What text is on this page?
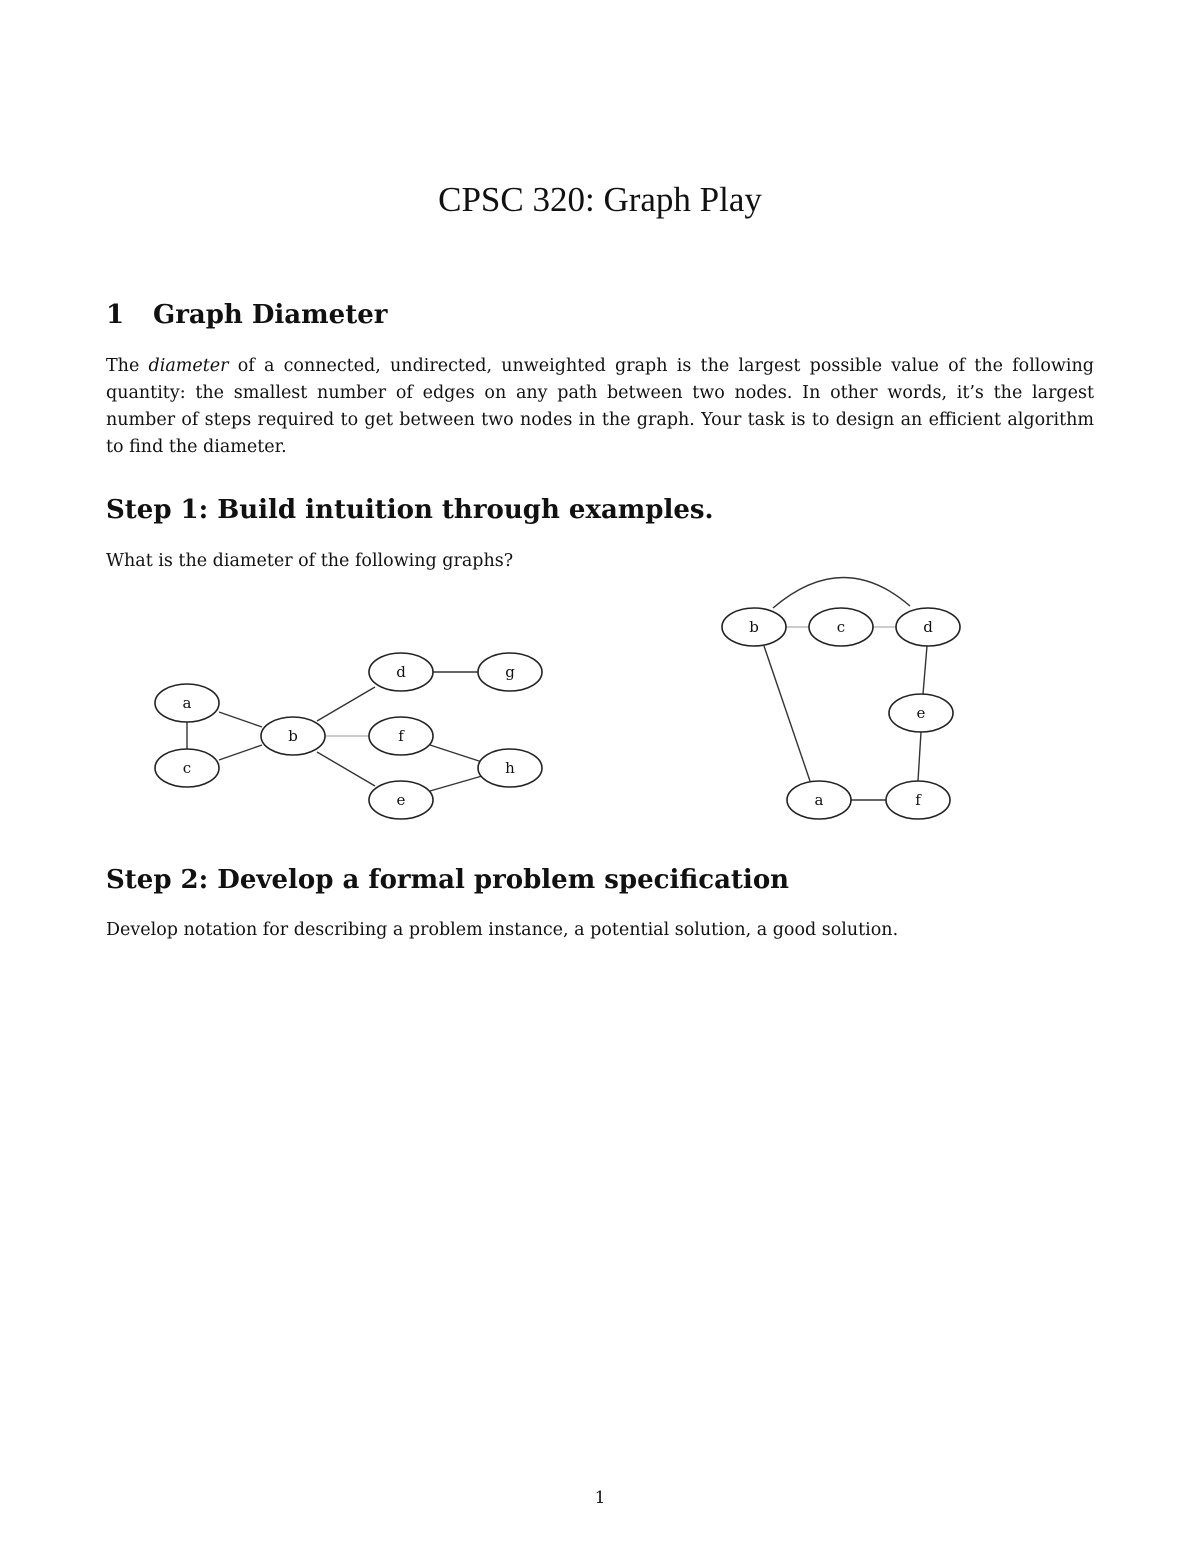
CPSC 320: Graph Play
1 Graph Diameter

The diameter of a connected, undirected, unweighted graph is the largest possible value of the following quantity: the smallest number of edges on any path between two nodes. In other words, it’s the largest number of steps required to get between two nodes in the graph. Your task is to design an efficient algorithm to find the diameter.

Step 1: Build intuition through examples.

What is the diameter of the following graphs?

a
b
c
d
e
f
g
h
a
b	c	d
e
f
Step 2: Develop a formal problem specification

Develop notation for describing a problem instance, a potential solution, a good solution.

1
